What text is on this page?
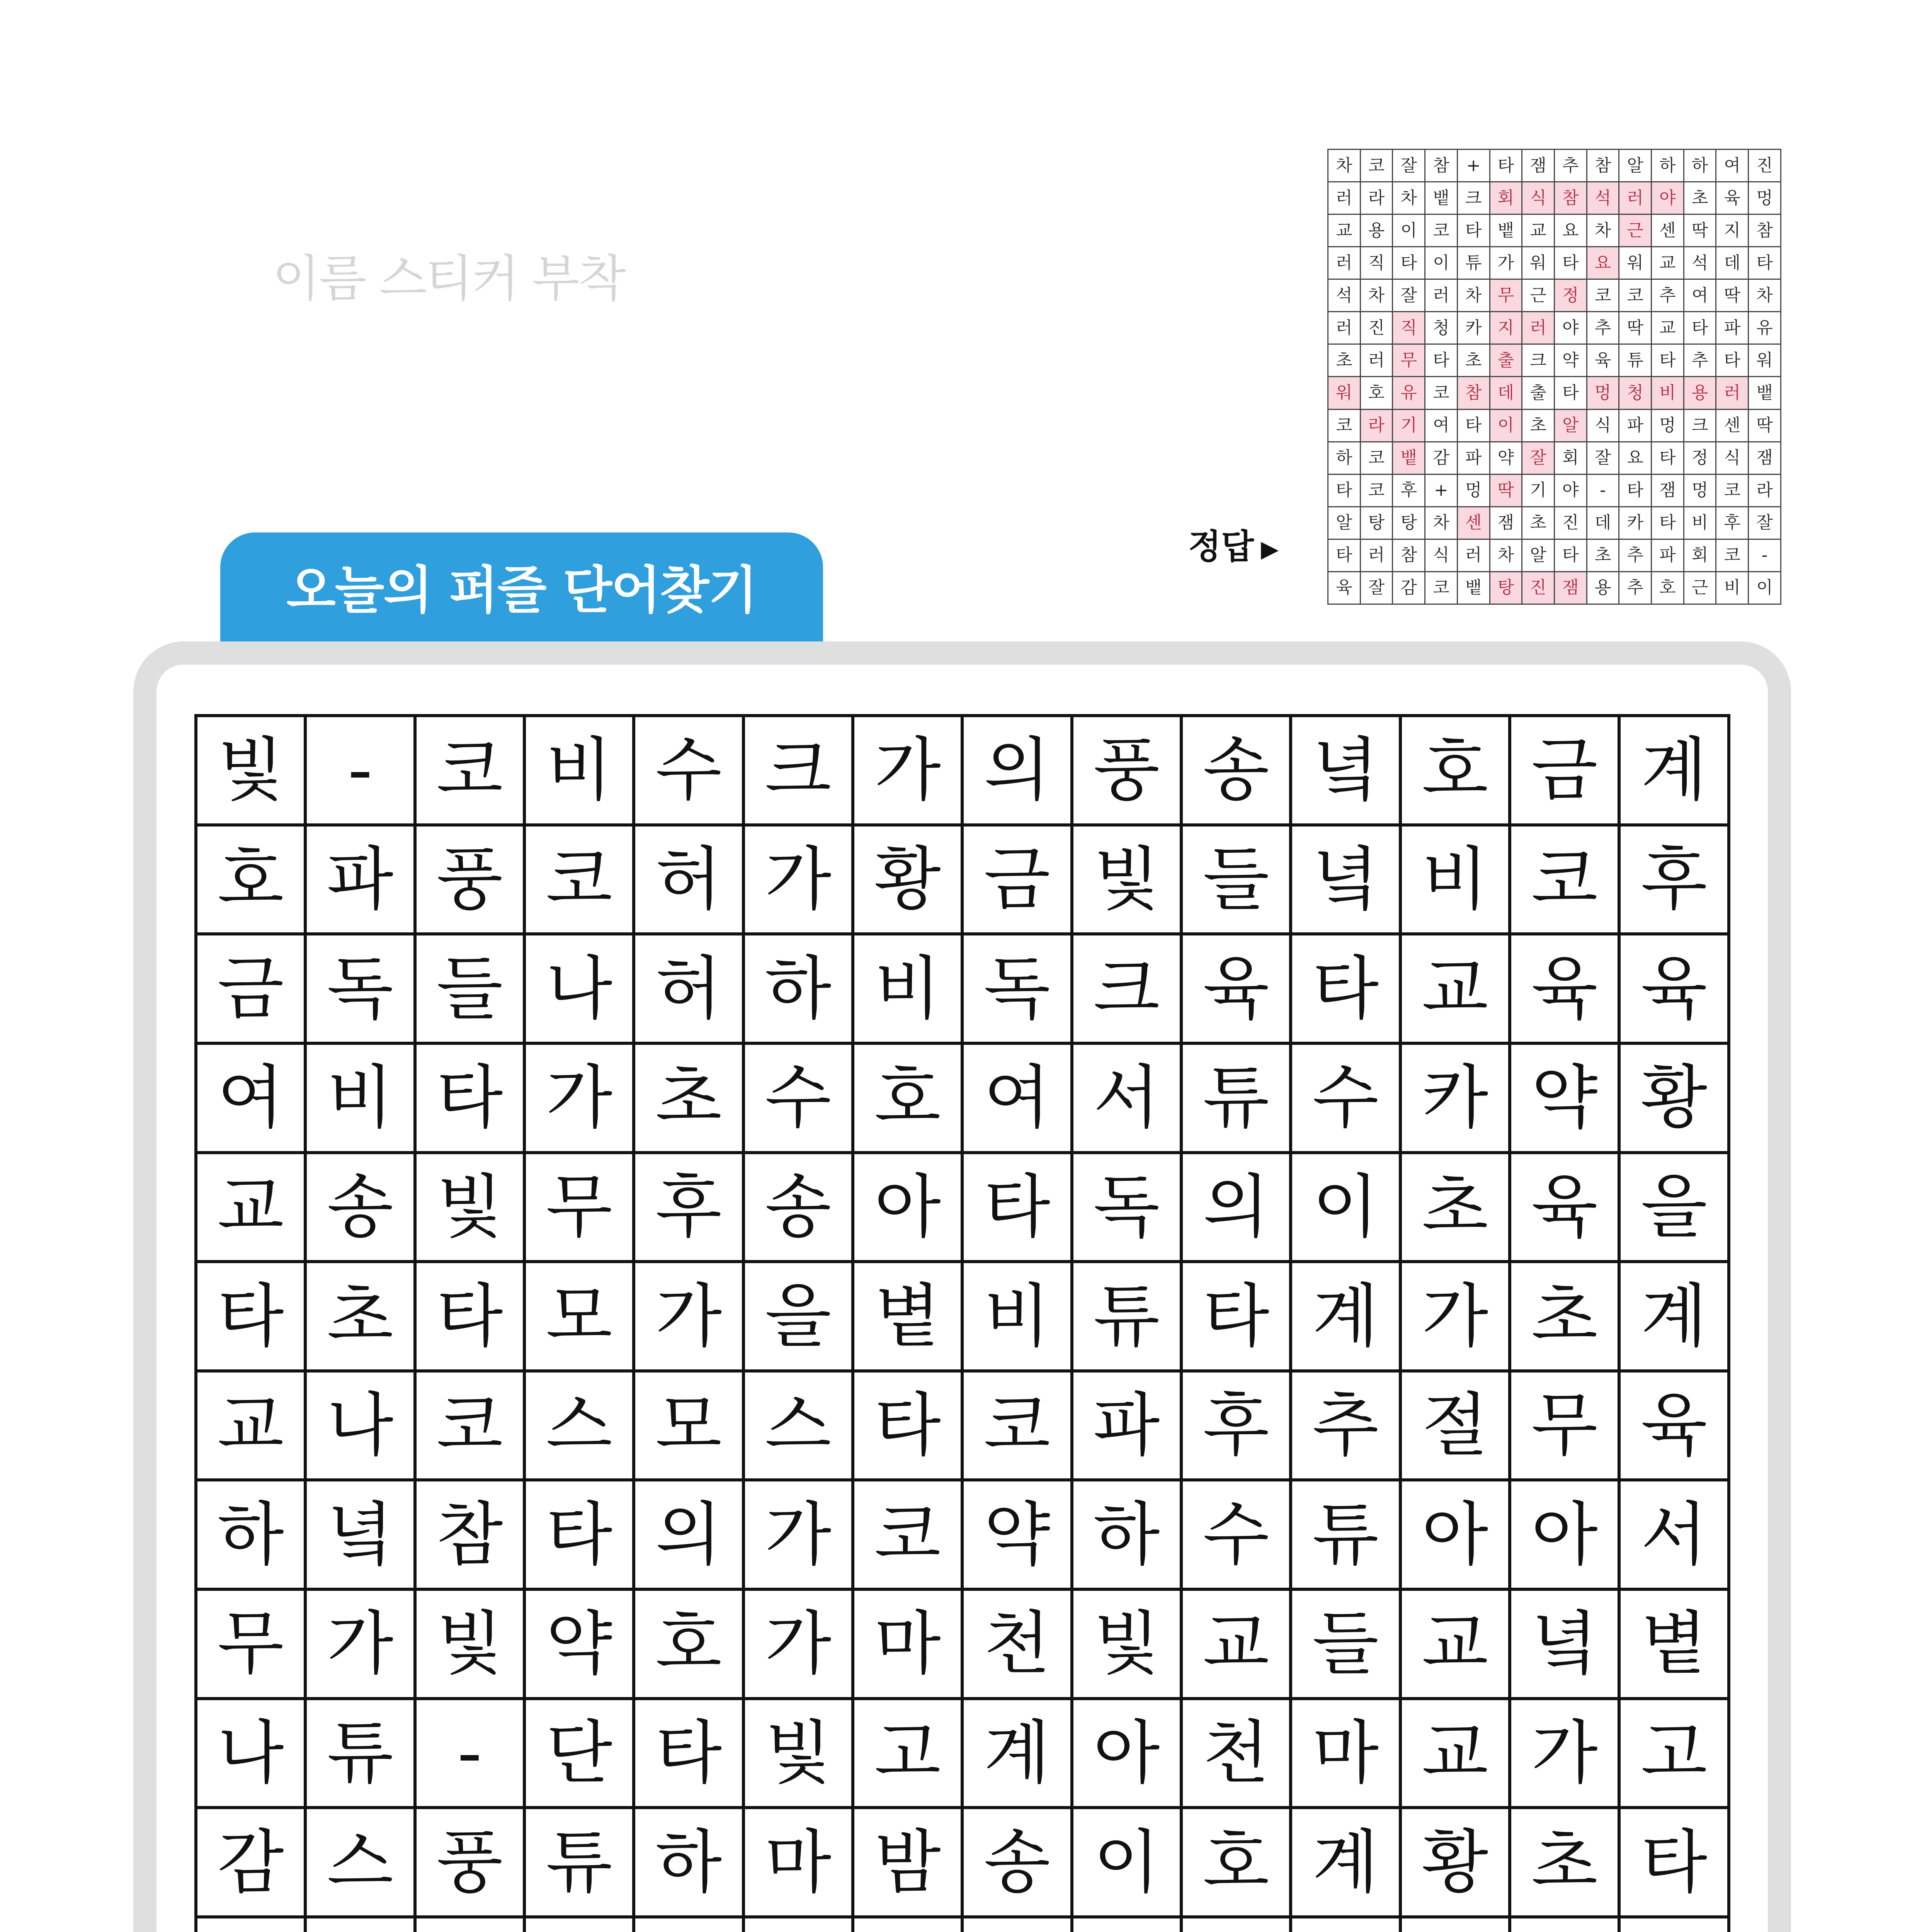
이름 스티커 부착
정답 ▶
차	코	잘	참	+	타	잼	추	참	알	하	하	여	진
러	라	차	뱉	크	회	식	참	석	러	야	초	육	멍
교	용	이	코	타	뱉	교	요	차	근	센	딱	지	참
러	직	타	이	튜	가	워	타	요	워	교	석	데	타
석	차	잘	러	차	무	근	정	코	코	추	여	딱	차
러	진	직	청	카	지	러	야	추	딱	교	타	파	유
초	러	무	타	초	출	크	약	육	튜	타	추	타	워
워	호	유	코	참	데	출	타	멍	청	비	용	러	뱉
코	라	기	여	타	이	초	알	식	파	멍	크	센	딱
하	코	뱉	감	파	약	잘	회	잘	요	타	정	식	잼
타	코	후	+	멍	딱	기	야	-	타	잼	멍	코	라
알	탕	탕	차	센	잼	초	진	데	카	타	비	후	잘
타	러	참	식	러	차	알	타	초	추	파	회	코	-
육	잘	감	코	뱉	탕	진	잼	용	추	호	근	비	이
오늘의 퍼즐 단어찾기
빛	-	코	비	수	크	가	의	풍	송	녘	호	금	계
호	파	풍	코	허	가	황	금	빛	들	녘	비	코	후
금	독	들	나	허	하	비	독	크	육	타	교	육	육
여	비	타	가	초	수	호	여	서	튜	수	카	약	황
교	송	빛	무	후	송	아	타	독	의	이	초	육	을
타	초	타	모	가	을	볕	비	튜	타	계	가	초	계
교	나	코	스	모	스	타	코	파	후	추	절	무	육
하	녘	참	타	의	가	코	약	하	수	튜	아	아	서
무	가	빛	약	호	가	마	천	빛	교	들	교	녘	볕
나	튜	-	단	타	빛	고	계	아	천	마	교	가	고
감	스	풍	튜	하	마	밤	송	이	호	계	황	초	타
